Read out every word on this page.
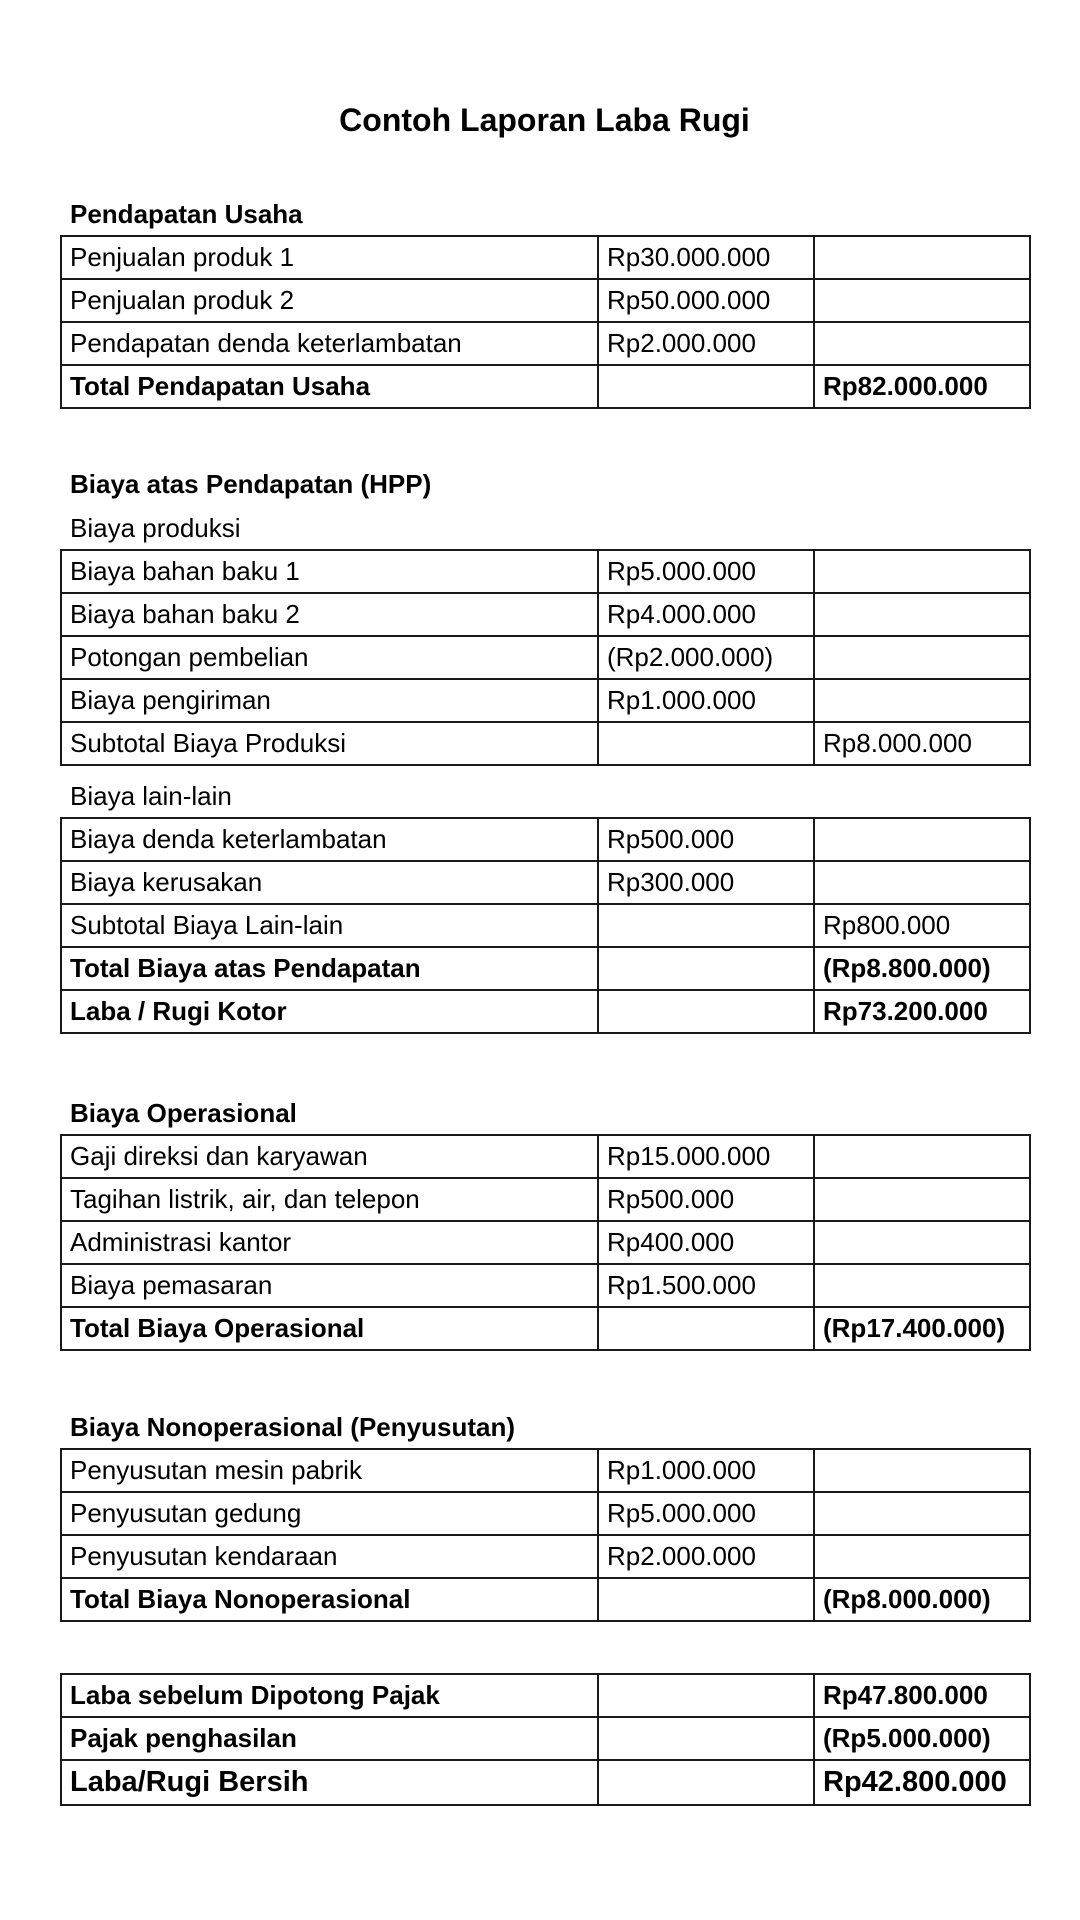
Contoh Laporan Laba Rugi
Pendapatan Usaha
Penjualan produk 1	Rp30.000.000	
Penjualan produk 2	Rp50.000.000	
Pendapatan denda keterlambatan	Rp2.000.000	
Total Pendapatan Usaha		Rp82.000.000
Biaya atas Pendapatan (HPP)
Biaya produksi
Biaya bahan baku 1	Rp5.000.000	
Biaya bahan baku 2	Rp4.000.000	
Potongan pembelian	(Rp2.000.000)	
Biaya pengiriman	Rp1.000.000	
Subtotal Biaya Produksi		Rp8.000.000
Biaya lain-lain
Biaya denda keterlambatan	Rp500.000	
Biaya kerusakan	Rp300.000	
Subtotal Biaya Lain-lain		Rp800.000
Total Biaya atas Pendapatan		(Rp8.800.000)
Laba / Rugi Kotor		Rp73.200.000
Biaya Operasional
Gaji direksi dan karyawan	Rp15.000.000	
Tagihan listrik, air, dan telepon	Rp500.000	
Administrasi kantor	Rp400.000	
Biaya pemasaran	Rp1.500.000	
Total Biaya Operasional		(Rp17.400.000)
Biaya Nonoperasional (Penyusutan)
Penyusutan mesin pabrik	Rp1.000.000	
Penyusutan gedung	Rp5.000.000	
Penyusutan kendaraan	Rp2.000.000	
Total Biaya Nonoperasional		(Rp8.000.000)
Laba sebelum Dipotong Pajak		Rp47.800.000
Pajak penghasilan		(Rp5.000.000)
Laba/Rugi Bersih		Rp42.800.000
